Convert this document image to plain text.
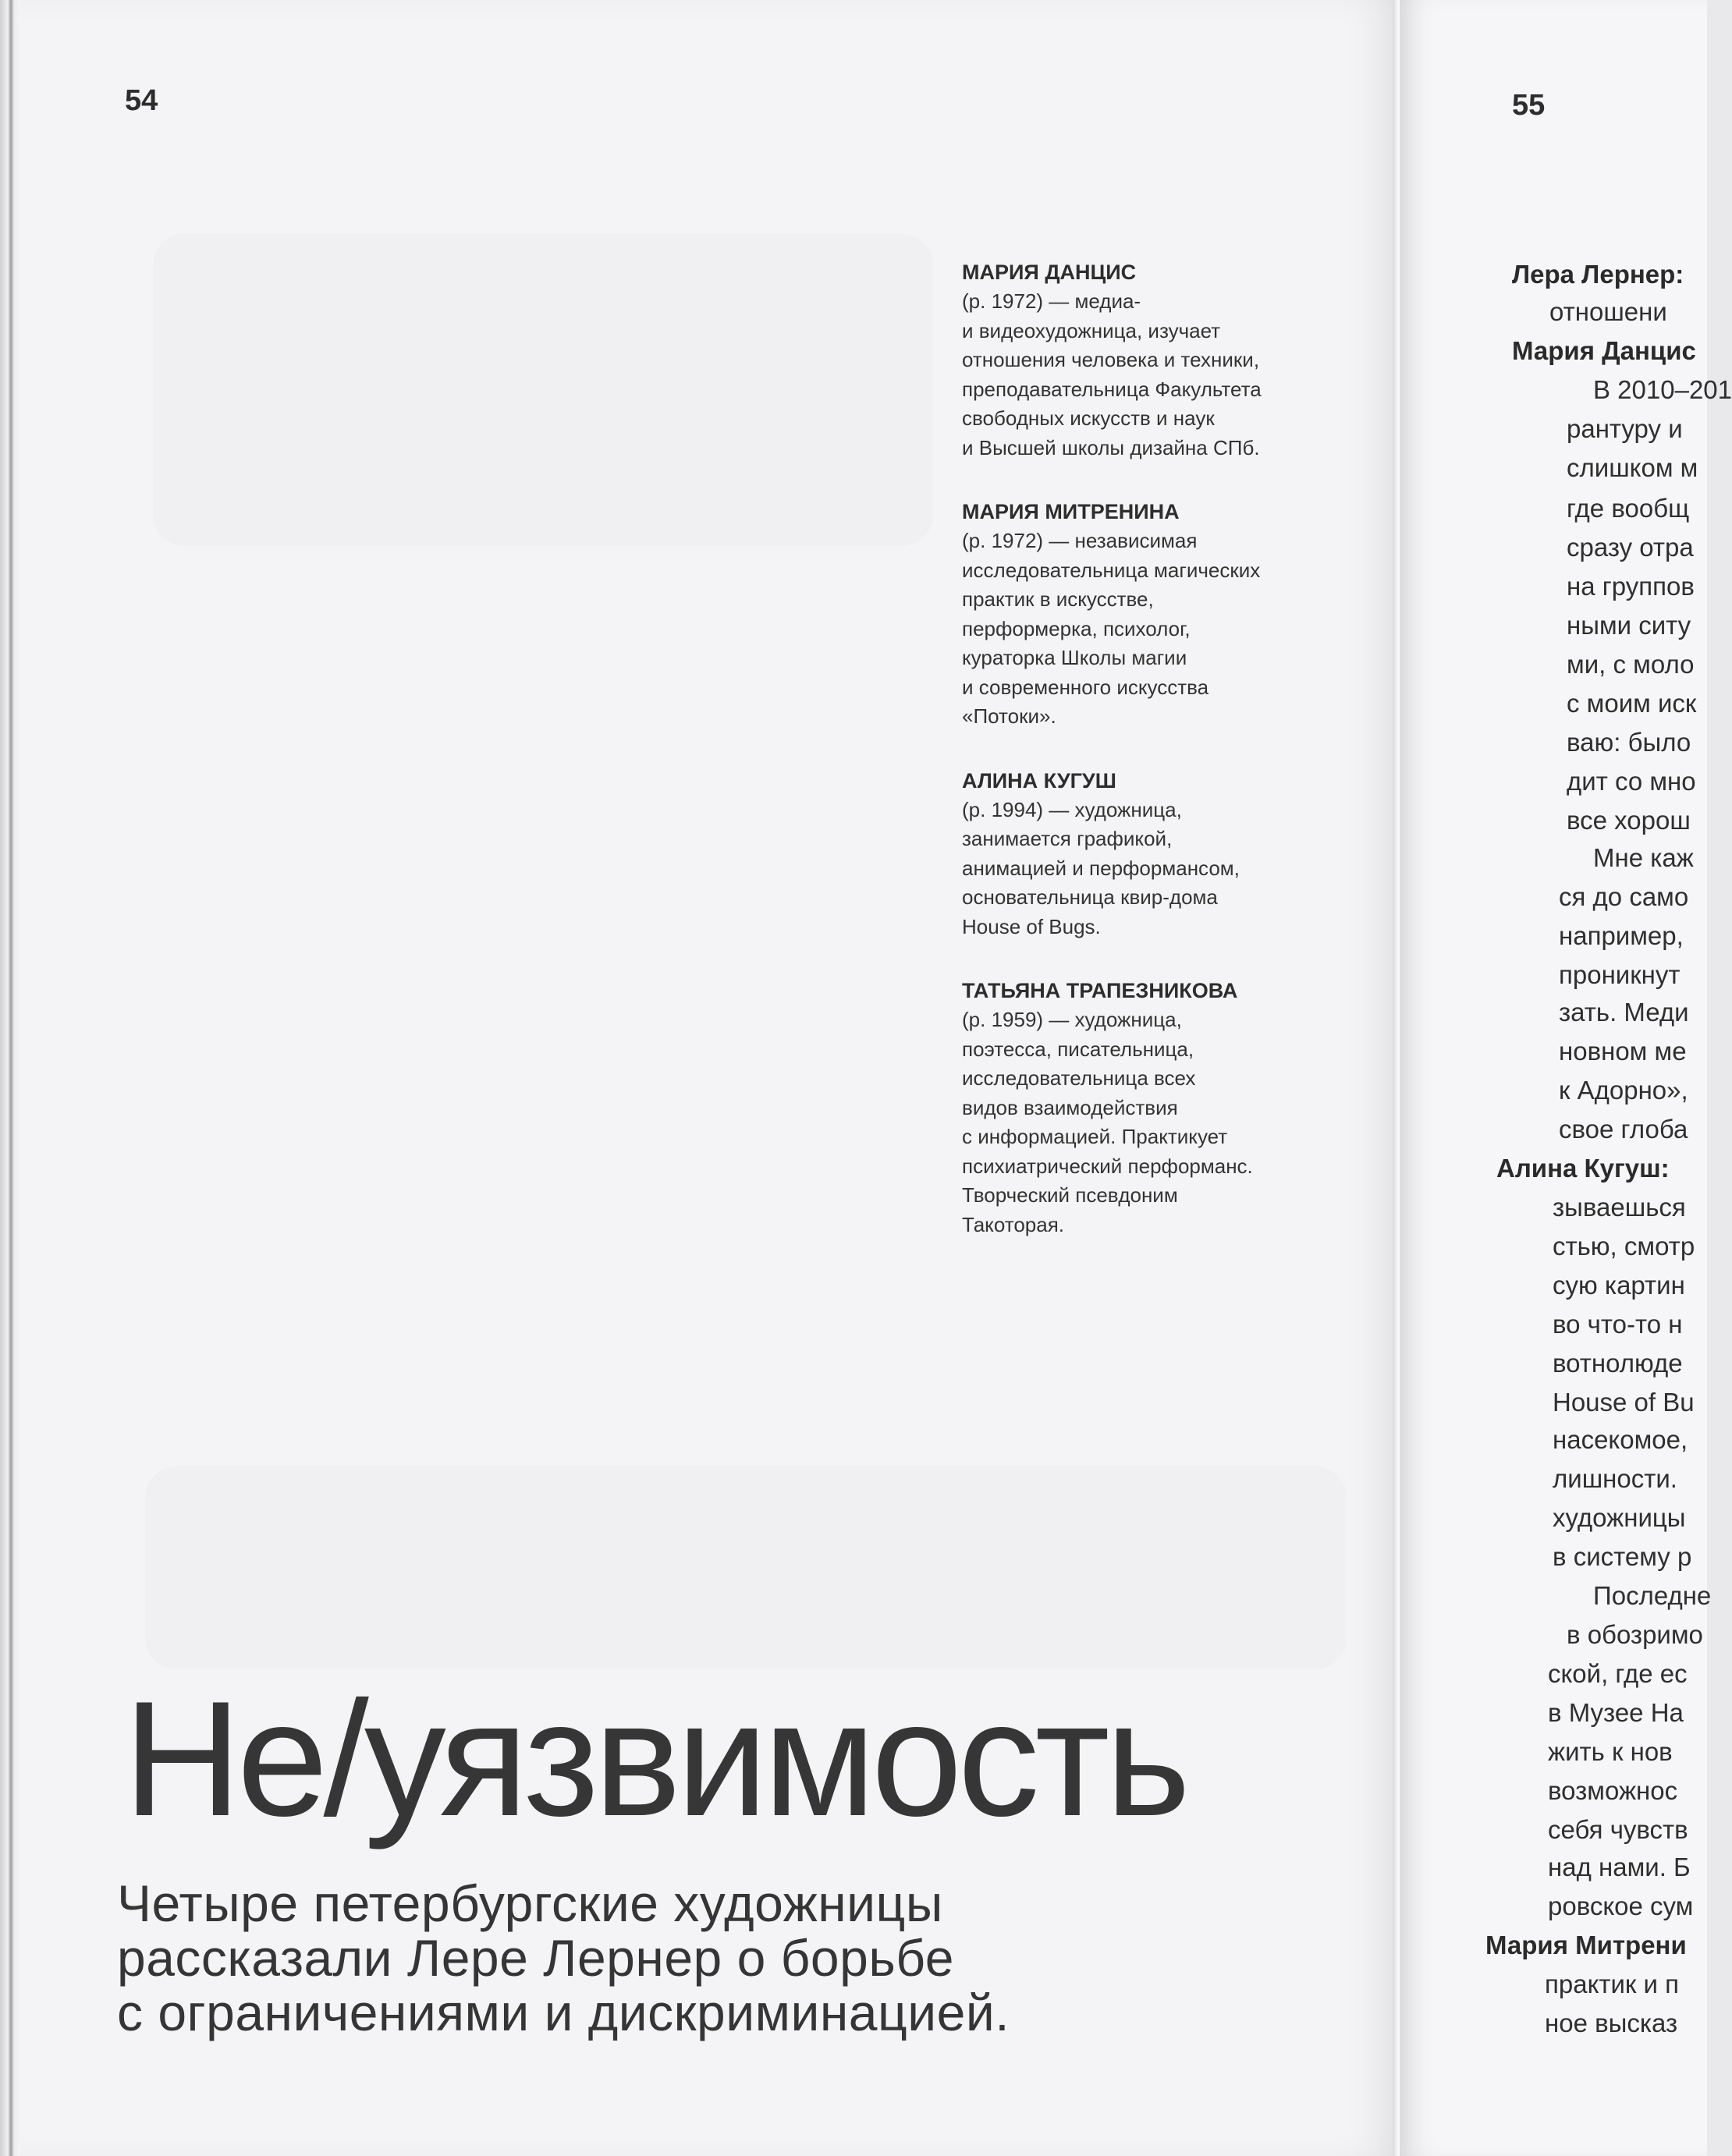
54	55

МАРИЯ ДАНЦИС

(р. 1972) — медиа-
и видеохудожница, изучает
отношения человека и техники,
преподавательница Факультета
свободных искусств и наук
и Высшей школы дизайна СПб.

МАРИЯ МИТРЕНИНА

(р. 1972) — независимая
исследовательница магических
практик в искусстве,
перформерка, психолог,
кураторка Школы магии
и современного искусства
«Потоки».

АЛИНА КУГУШ

(р. 1994) — художница,
занимается графикой,
анимацией и перформансом,
основательница квир-дома
House of Bugs.

ТАТЬЯНА ТРАПЕЗНИКОВА

(р. 1959) — художница,
поэтесса, писательница,
исследовательница всех
видов взаимодействия
с информацией. Практикует
психиатрический перформанс.
Творческий псевдоним
Такоторая.

Не/уязвимость

Четыре петербургские художницы
рассказали Лере Лернер о борьбе
с ограничениями и дискриминацией.

Лера Лернер:
отношени
Мария Данцис
В 2010–201
рантуру и
слишком м
где вообщ
сразу отра
на группов
ными ситу
ми, с моло
с моим иск
ваю: было
дит со мно
все хорош
Мне каж
ся до само
например,
проникнут
зать. Меди
новном ме
к Адорно»,
свое глоба
Алина Кугуш:
зываешься
стью, смотр
сую картин
во что-то н
вотнолюде
House of Bu
насекомое,
лишности.
художницы
в систему р
Последне
в обозримо
ской, где ес
в Музее На
жить к нов
возможнос
себя чувств
над нами. Б
ровское сум
Мария Митрени
практик и п
ное высказ
